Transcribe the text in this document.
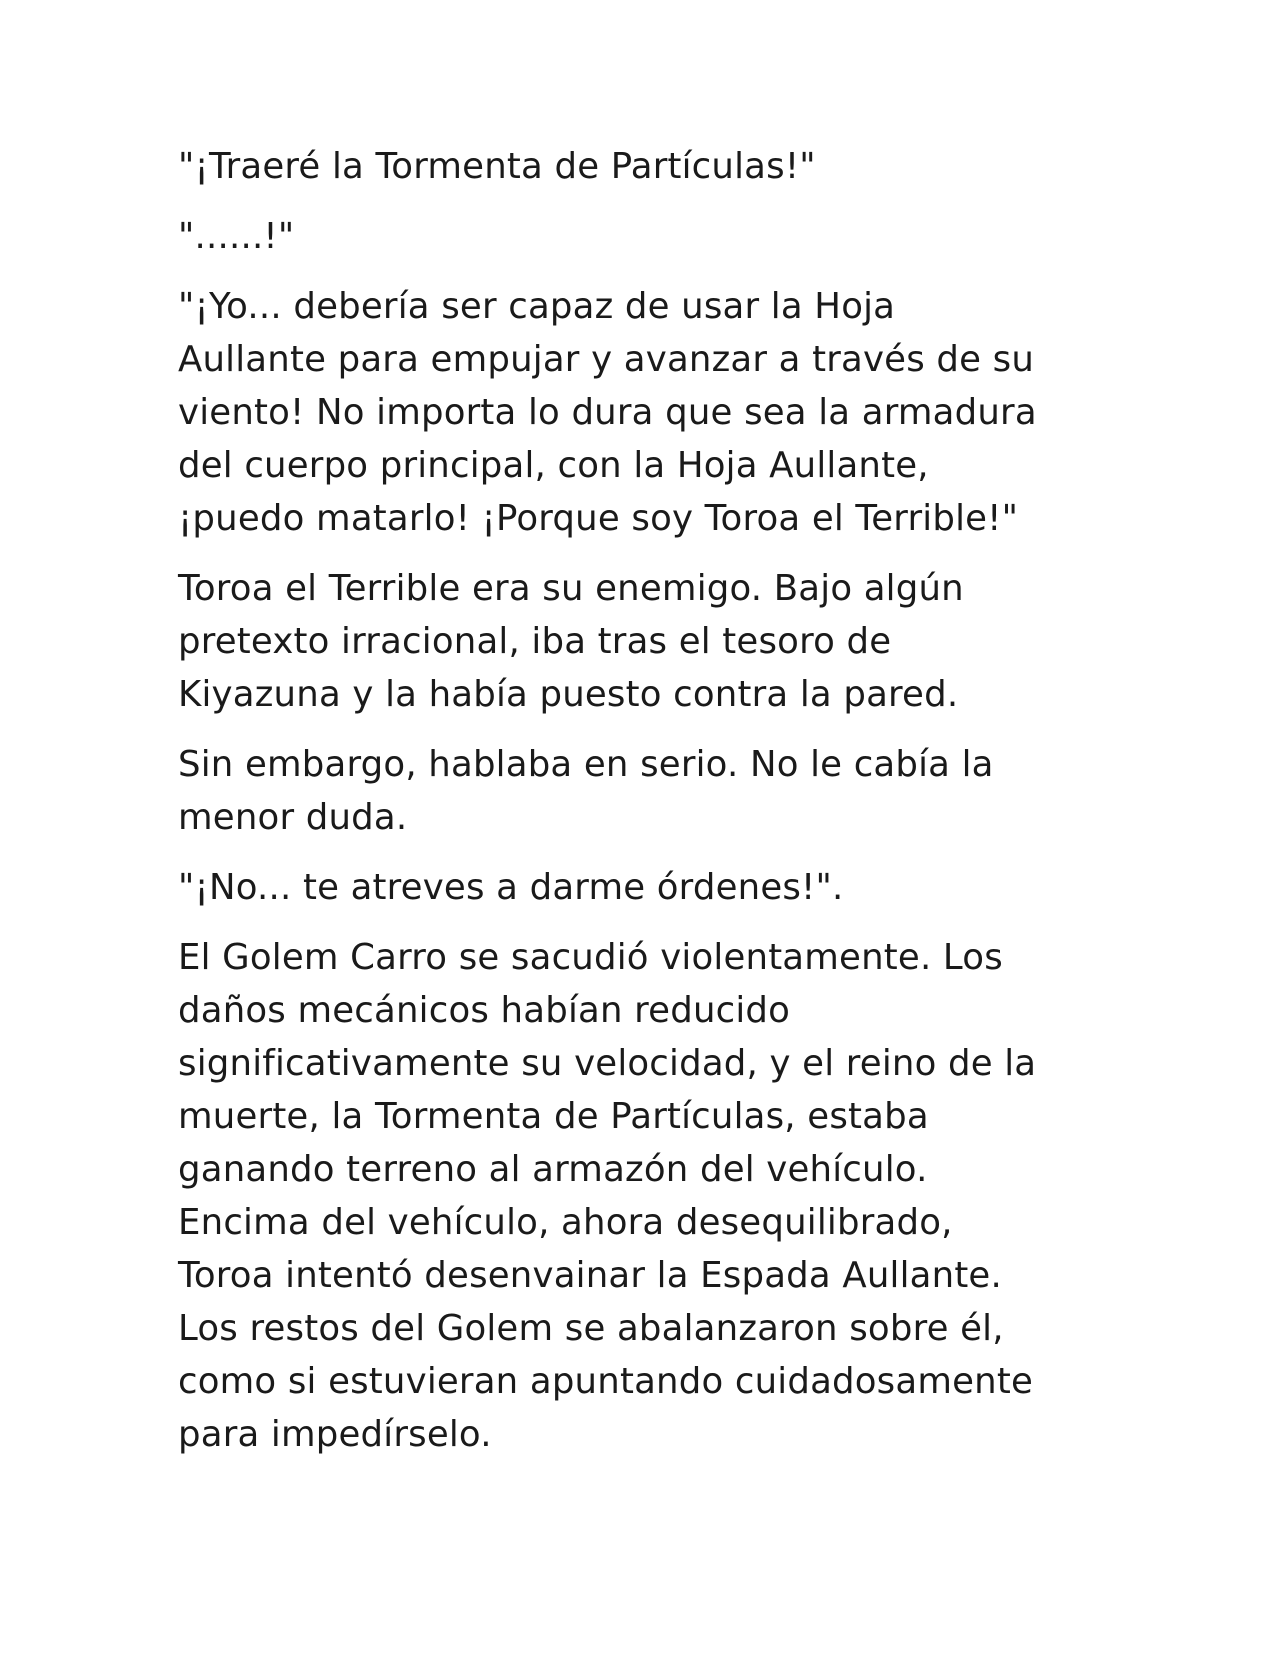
"¡Traeré la Tormenta de Partículas!"

"......!"

"¡Yo... debería ser capaz de usar la Hoja
Aullante para empujar y avanzar a través de su
viento! No importa lo dura que sea la armadura
del cuerpo principal, con la Hoja Aullante,
¡puedo matarlo! ¡Porque soy Toroa el Terrible!"

Toroa el Terrible era su enemigo. Bajo algún
pretexto irracional, iba tras el tesoro de
Kiyazuna y la había puesto contra la pared.

Sin embargo, hablaba en serio. No le cabía la
menor duda.

"¡No... te atreves a darme órdenes!".

El Golem Carro se sacudió violentamente. Los
daños mecánicos habían reducido
significativamente su velocidad, y el reino de la
muerte, la Tormenta de Partículas, estaba
ganando terreno al armazón del vehículo.
Encima del vehículo, ahora desequilibrado,
Toroa intentó desenvainar la Espada Aullante.
Los restos del Golem se abalanzaron sobre él,
como si estuvieran apuntando cuidadosamente
para impedírselo.
